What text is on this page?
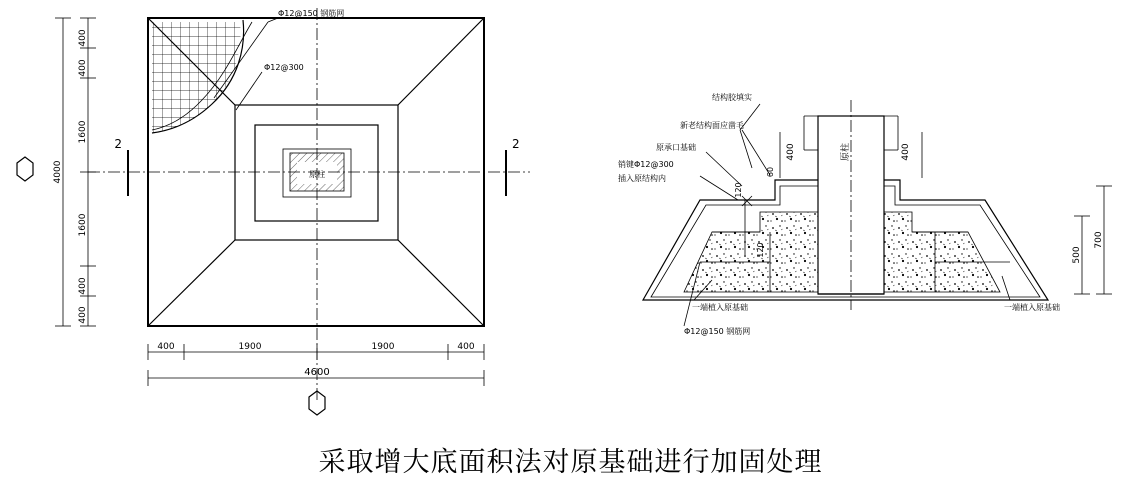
原柱
Φ12@150 钢筋网
Φ12@300
2	2
400
400
1600
1600
400
400
4000
400	1900	1900	400
4600
原柱
结构胶填实
新老结构面应凿毛
原承口基础
销键Φ12@300
插入原结构内
一端植入原基础
Φ12@150 钢筋网
一端植入原基础
400	400
120
120
60
700
500
采取增大底面积法对原基础进行加固处理
